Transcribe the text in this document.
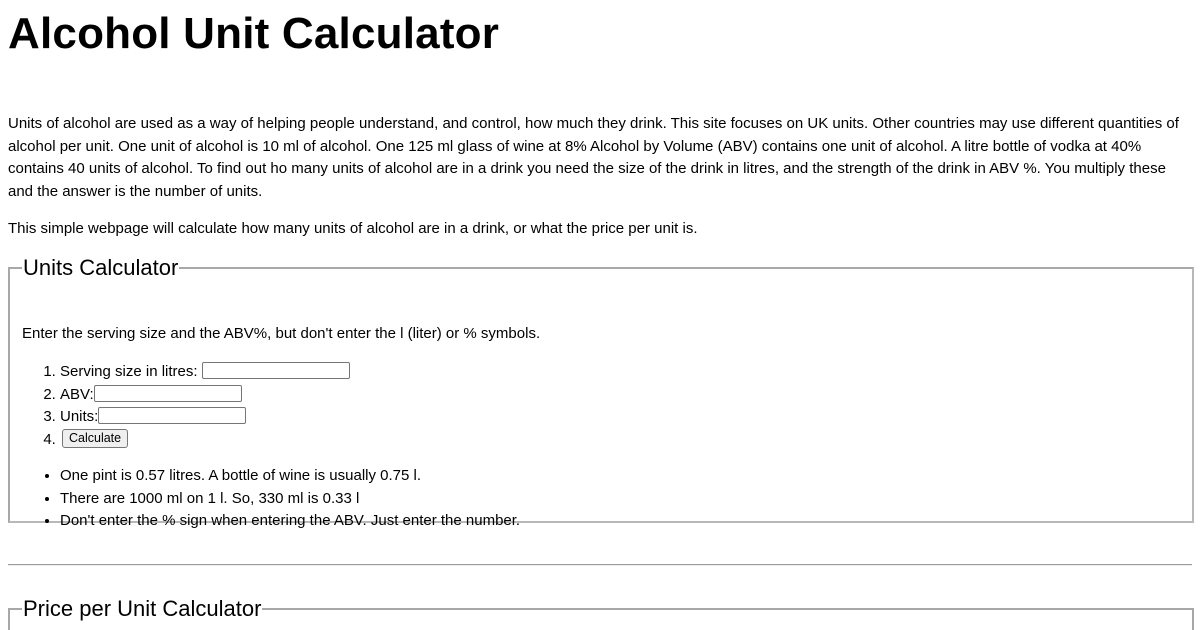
Alcohol Unit Calculator

Units of alcohol are used as a way of helping people understand, and control, how much they drink. This site focuses on UK units. Other countries may use different quantities of alcohol per unit. One unit of alcohol is 10 ml of alcohol. One 125 ml glass of wine at 8% Alcohol by Volume (ABV) contains one unit of alcohol. A litre bottle of vodka at 40% contains 40 units of alcohol. To find out ho many units of alcohol are in a drink you need the size of the drink in litres, and the strength of the drink in ABV %. You multiply these and the answer is the number of units.

This simple webpage will calculate how many units of alcohol are in a drink, or what the price per unit is.

Units Calculator

Enter the serving size and the ABV%, but don't enter the l (liter) or % symbols.

1. Serving size in litres:
2. ABV:
3. Units:
4. Calculate
• One pint is 0.57 litres. A bottle of wine is usually 0.75 l.
• There are 1000 ml on 1 l. So, 330 ml is 0.33 l
• Don't enter the % sign when entering the ABV. Just enter the number.
Price per Unit Calculator
